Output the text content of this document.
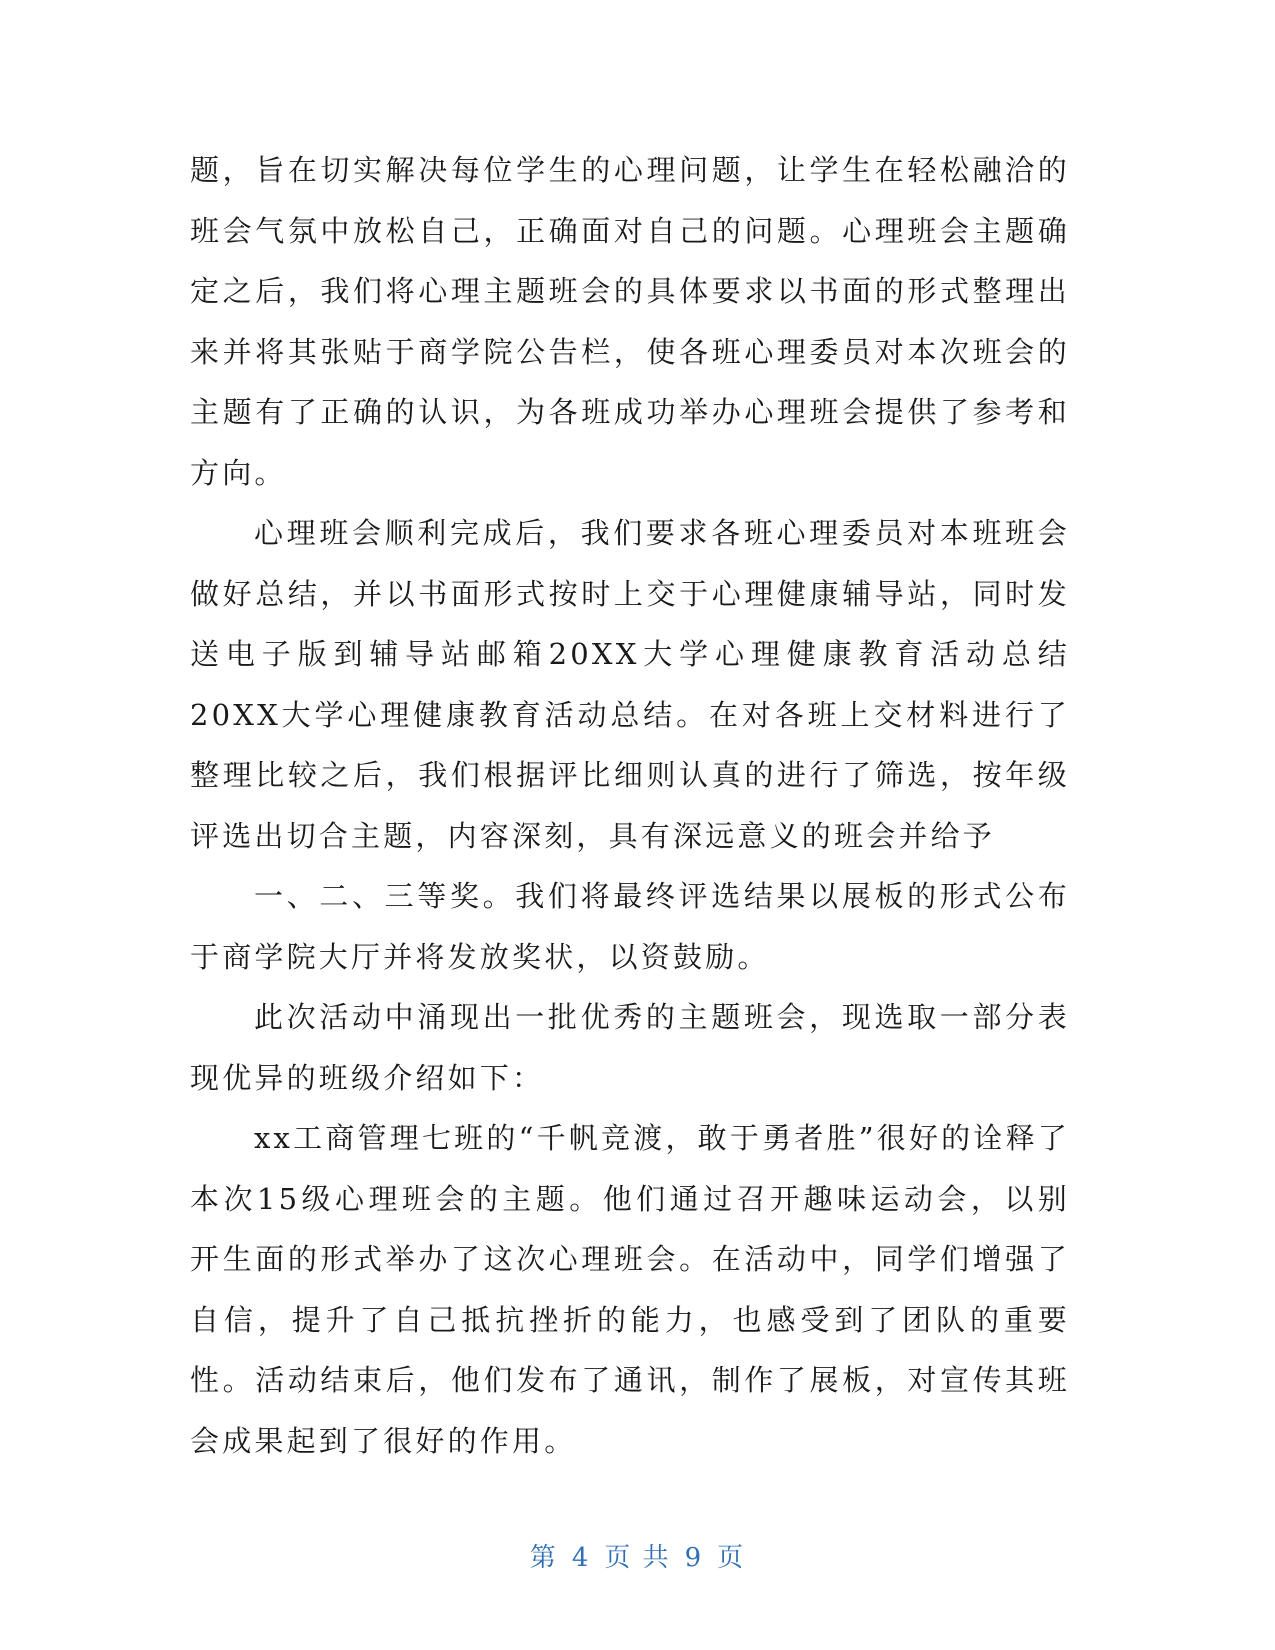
题，旨在切实解决每位学生的心理问题，让学生在轻松融洽的班会气氛中放松自己，正确面对自己的问题。心理班会主题确定之后，我们将心理主题班会的具体要求以书面的形式整理出来并将其张贴于商学院公告栏，使各班心理委员对本次班会的主题有了正确的认识，为各班成功举办心理班会提供了参考和方向。

心理班会顺利完成后，我们要求各班心理委员对本班班会做好总结，并以书面形式按时上交于心理健康辅导站，同时发送电子版到辅导站邮箱20XX大学心理健康教育活动总结20XX大学心理健康教育活动总结。在对各班上交材料进行了整理比较之后，我们根据评比细则认真的进行了筛选，按年级评选出切合主题，内容深刻，具有深远意义的班会并给予

一、二、三等奖。我们将最终评选结果以展板的形式公布于商学院大厅并将发放奖状，以资鼓励。

此次活动中涌现出一批优秀的主题班会，现选取一部分表现优异的班级介绍如下：

xx工商管理七班的“千帆竞渡，敢于勇者胜”很好的诠释了本次15级心理班会的主题。他们通过召开趣味运动会，以别开生面的形式举办了这次心理班会。在活动中，同学们增强了自信，提升了自己抵抗挫折的能力，也感受到了团队的重要性。活动结束后，他们发布了通讯，制作了展板，对宣传其班会成果起到了很好的作用。

第 4 页 共 9 页
